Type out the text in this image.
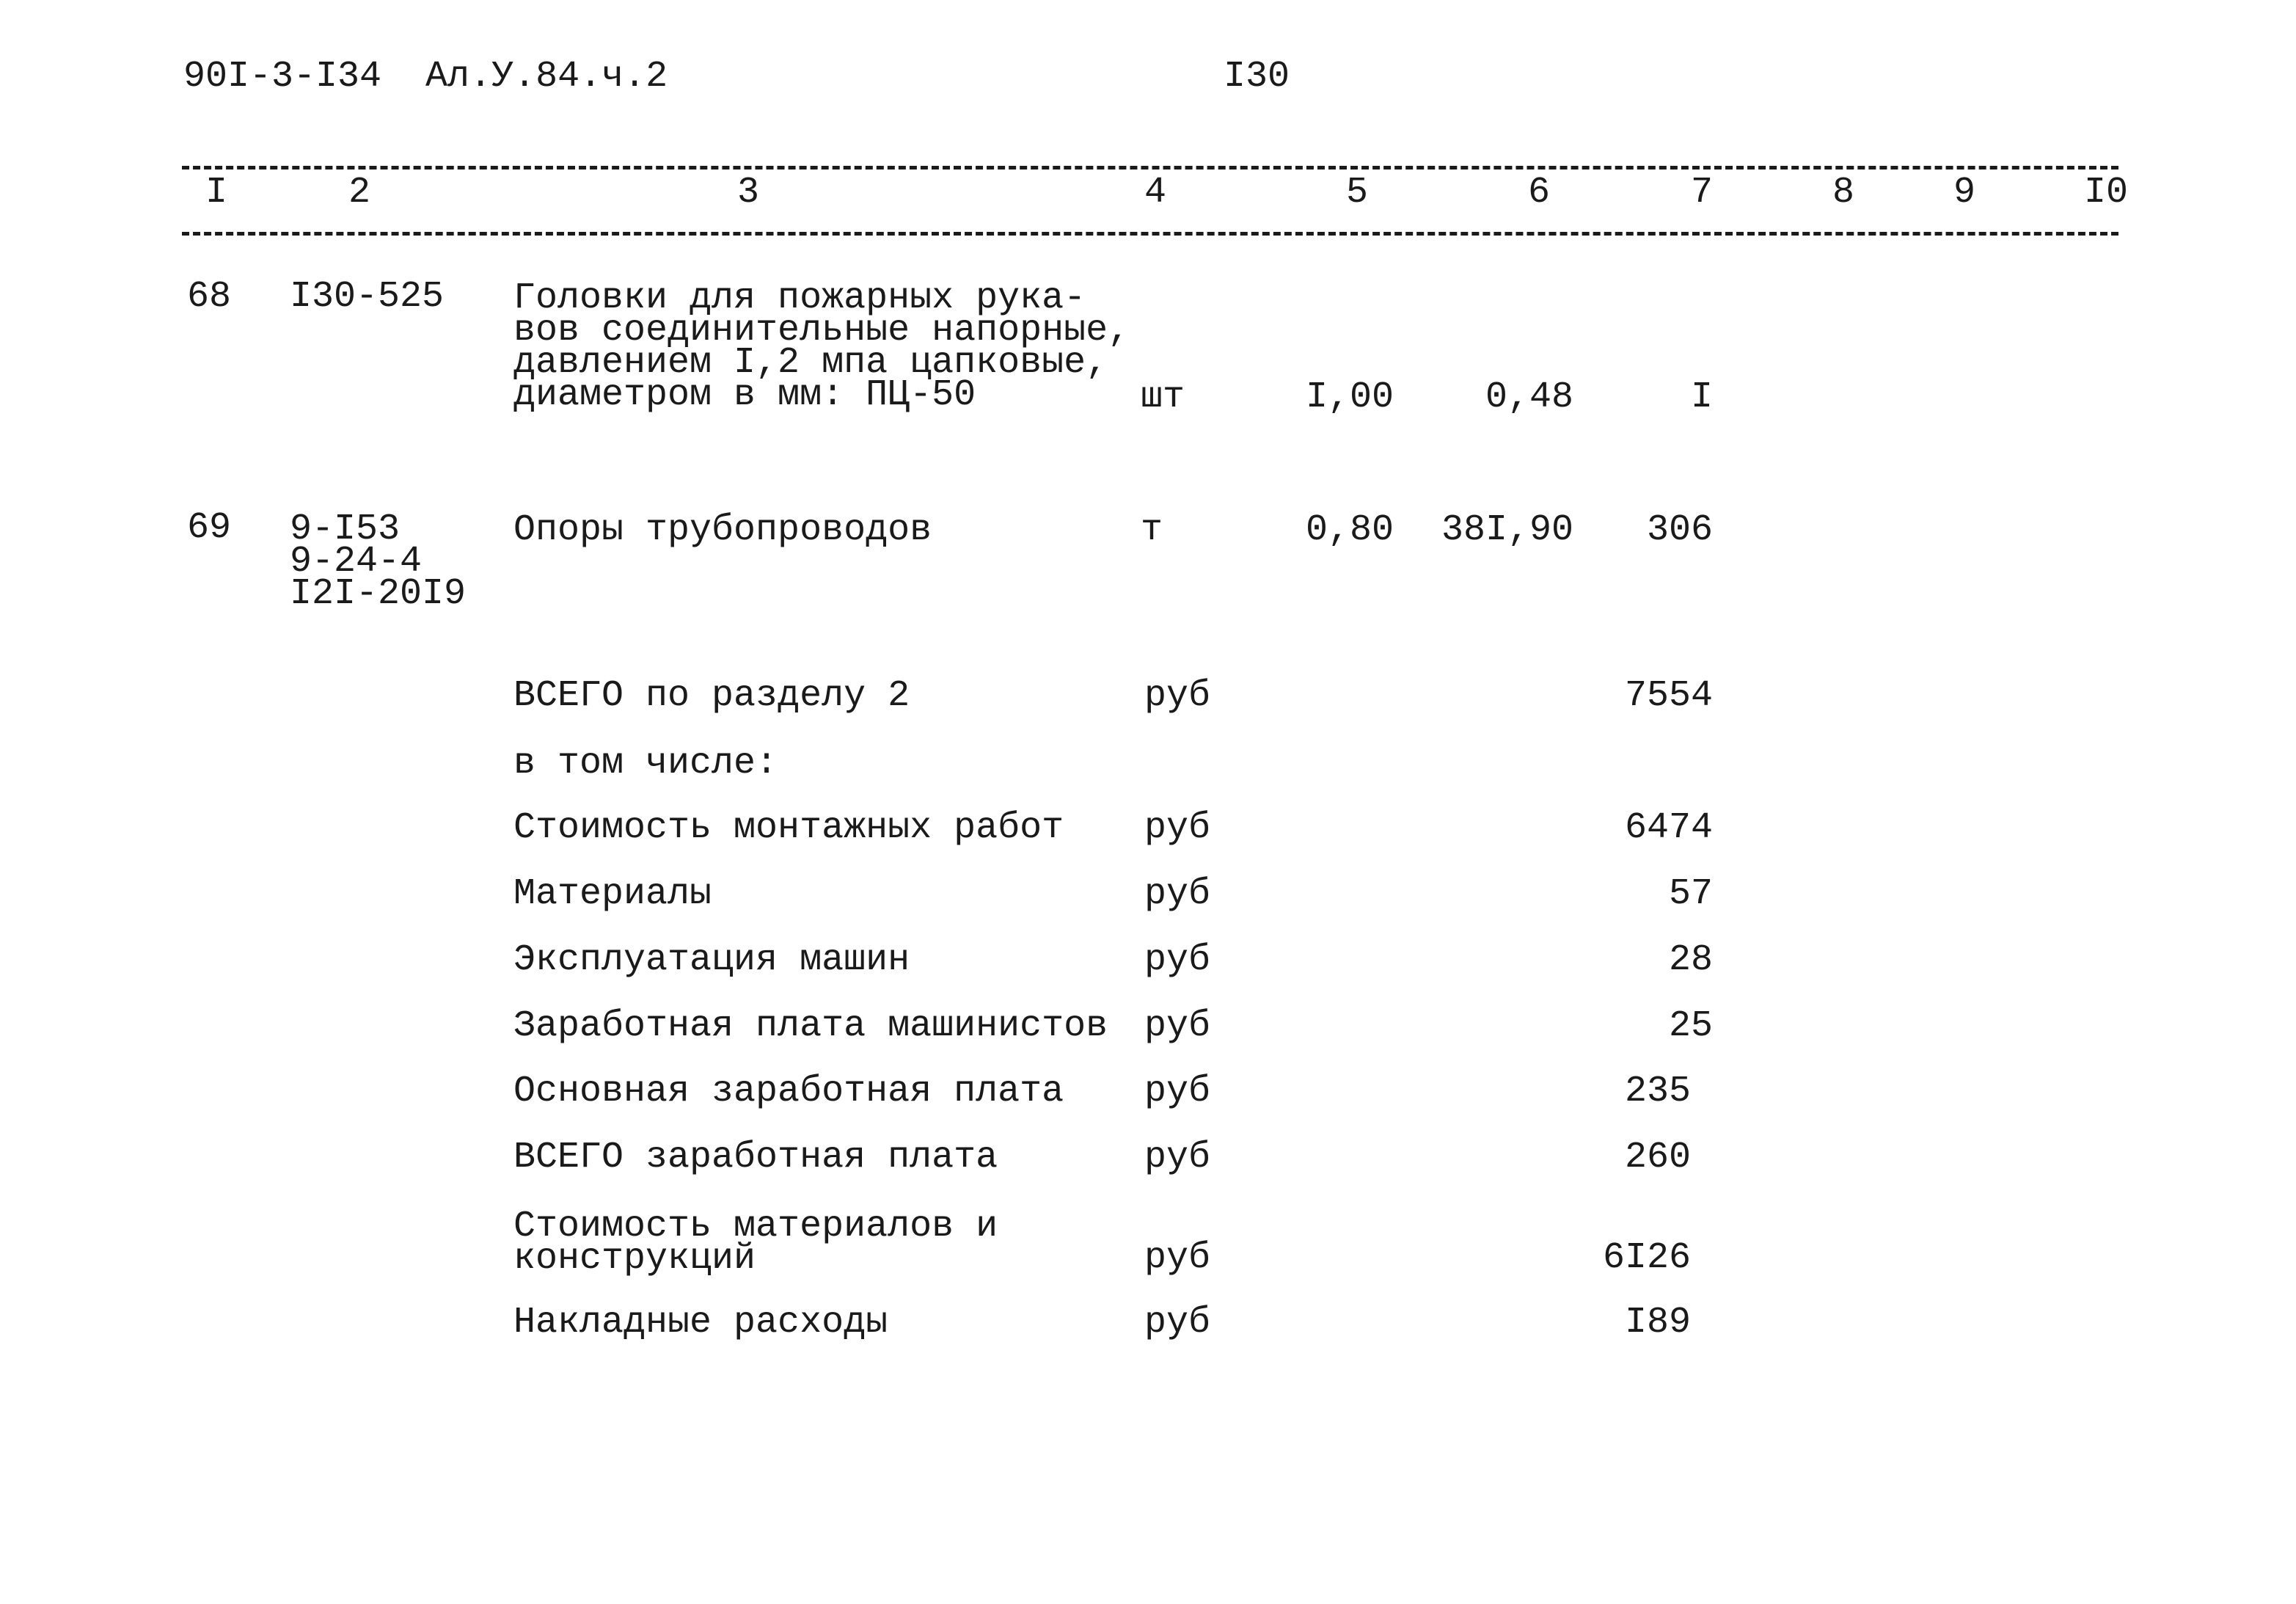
90I-3-I34  Ал.У.84.ч.2	I30
I	2	3	4	5	6	7	8	9	I0
68 I30-525 Головки для пожарных рука-
вов соединительные напорные,
давлением I,2 мпа цапковые,
диаметром в мм: ПЦ-50	шт	I,00	0,48	I
69 9-I53
9-24-4
I2I-20I9
Опоры трубопроводов	т	0,80	38I,90	306
ВСЕГО по разделу 2	руб	7554
в том числе:
Стоимость монтажных работ руб	6474
Материалы	руб	57
Эксплуатация машин	руб	28
Заработная плата машинистов руб	25
Основная заработная плата руб	235
ВСЕГО заработная плата	руб	260
Стоимость материалов и
конструкций	руб	6I26
Накладные расходы	руб	I89
